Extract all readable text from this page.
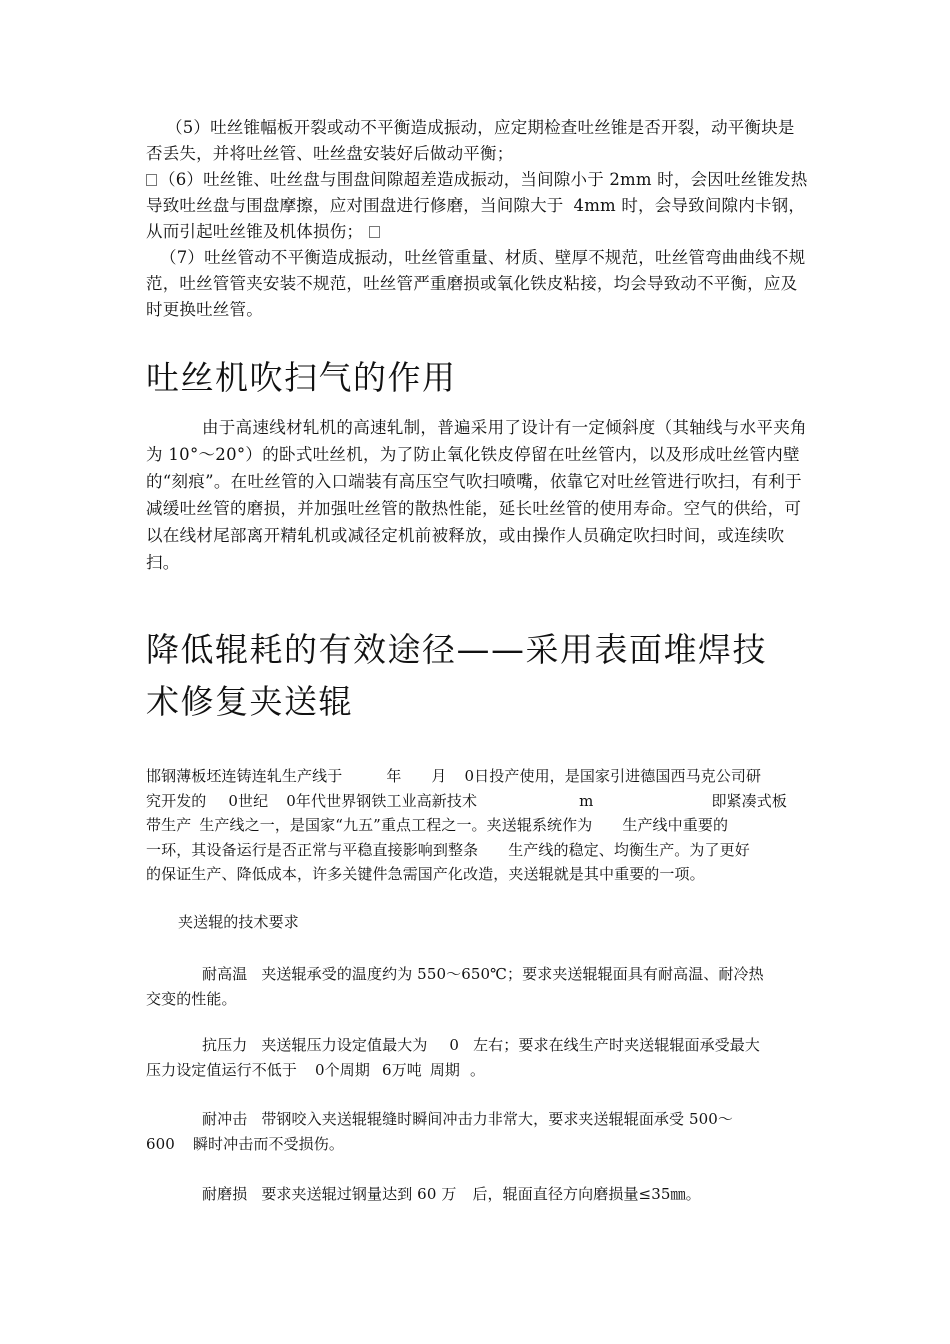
（5）吐丝锥幅板开裂或动不平衡造成振动，应定期检查吐丝锥是否开裂，动平衡块是否丢失，并将吐丝管、吐丝盘安装好后做动平衡；
（6）吐丝锥、吐丝盘与围盘间隙超差造成振动，当间隙小于 2mm 时，会因吐丝锥发热导致吐丝盘与围盘摩擦，应对围盘进行修磨，当间隙大于 4mm 时，会导致间隙内卡钢，从而引起吐丝锥及机体损伤；
（7）吐丝管动不平衡造成振动，吐丝管重量、材质、壁厚不规范，吐丝管弯曲曲线不规范，吐丝管管夹安装不规范，吐丝管严重磨损或氧化铁皮粘接，均会导致动不平衡，应及时更换吐丝管。
吐丝机吹扫气的作用
由于高速线材轧机的高速轧制，普遍采用了设计有一定倾斜度（其轴线与水平夹角为 10°～20°）的卧式吐丝机，为了防止氧化铁皮停留在吐丝管内，以及形成吐丝管内壁的“刻痕”。在吐丝管的入口端装有高压空气吹扫喷嘴，依靠它对吐丝管进行吹扫，有利于减缓吐丝管的磨损，并加强吐丝管的散热性能，延长吐丝管的使用寿命。空气的供给，可以在线材尾部离开精轧机或减径定机前被释放，或由操作人员确定吹扫时间，或连续吹扫。
降低辊耗的有效途径——采用表面堆焊技
术修复夹送辊
邯钢薄板坯连铸连轧生产线于	年 月 0日投产使用，是国家引进德国西马克公司研
究开发的 0世纪 0年代世界钢铁工业高新技术	m	即紧凑式板
带生产 生产线之一，是国家“九五”重点工程之一。夹送辊系统作为 生产线中重要的
一环，其设备运行是否正常与平稳直接影响到整条 生产线的稳定、均衡生产。为了更好
的保证生产、降低成本，许多关键件急需国产化改造，夹送辊就是其中重要的一项。
夹送辊的技术要求
耐高温 夹送辊承受的温度约为 550～650℃；要求夹送辊辊面具有耐高温、耐冷热
交变的性能。
抗压力 夹送辊压力设定值最大为 0 左右；要求在线生产时夹送辊辊面承受最大
压力设定值运行不低于 0个周期 6万吨 周期 。
耐冲击 带钢咬入夹送辊辊缝时瞬间冲击力非常大，要求夹送辊辊面承受 500～
600 瞬时冲击而不受损伤。
耐磨损 要求夹送辊过钢量达到 60 万 后，辊面直径方向磨损量≤35㎜。
